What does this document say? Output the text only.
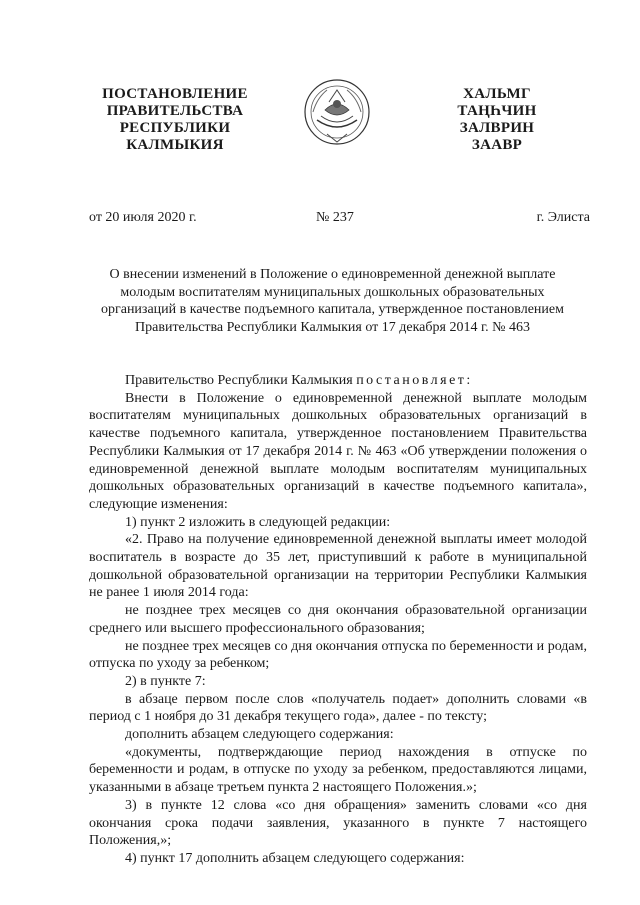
ПОСТАНОВЛЕНИЕ
ПРАВИТЕЛЬСТВА
РЕСПУБЛИКИ
КАЛМЫКИЯ
ХАЛЬМГ
ТАҢҺЧИН
ЗАЛВРИН
ЗААВР
от 20 июля 2020 г.	№ 237	г. Элиста
О внесении изменений в Положение о единовременной денежной выплате
молодым воспитателям муниципальных дошкольных образовательных
организаций в качестве подъемного капитала, утвержденное постановлением
Правительства Республики Калмыкия от 17 декабря 2014 г. № 463

Правительство Республики Калмыкия постановляет:

Внести в Положение о единовременной денежной выплате молодым воспитателям муниципальных дошкольных образовательных организаций в качестве подъемного капитала, утвержденное постановлением Правительства Республики Калмыкия от 17 декабря 2014 г. № 463 «Об утверждении положения о единовременной денежной выплате молодым воспитателям муниципальных дошкольных образовательных организаций в качестве подъемного капитала», следующие изменения:

1) пункт 2 изложить в следующей редакции:

«2. Право на получение единовременной денежной выплаты имеет молодой воспитатель в возрасте до 35 лет, приступивший к работе в муниципальной дошкольной образовательной организации на территории Республики Калмыкия не ранее 1 июля 2014 года:

не позднее трех месяцев со дня окончания образовательной организации среднего или высшего профессионального образования;

не позднее трех месяцев со дня окончания отпуска по беременности и родам, отпуска по уходу за ребенком;

2) в пункте 7:

в абзаце первом после слов «получатель подает» дополнить словами «в период с 1 ноября до 31 декабря текущего года», далее - по тексту;

дополнить абзацем следующего содержания:

«документы, подтверждающие период нахождения в отпуске по беременности и родам, в отпуске по уходу за ребенком, предоставляются лицами, указанными в абзаце третьем пункта 2 настоящего Положения.»;

3) в пункте 12 слова «со дня обращения» заменить словами «со дня окончания срока подачи заявления, указанного в пункте 7 настоящего Положения,»;

4) пункт 17 дополнить абзацем следующего содержания:
